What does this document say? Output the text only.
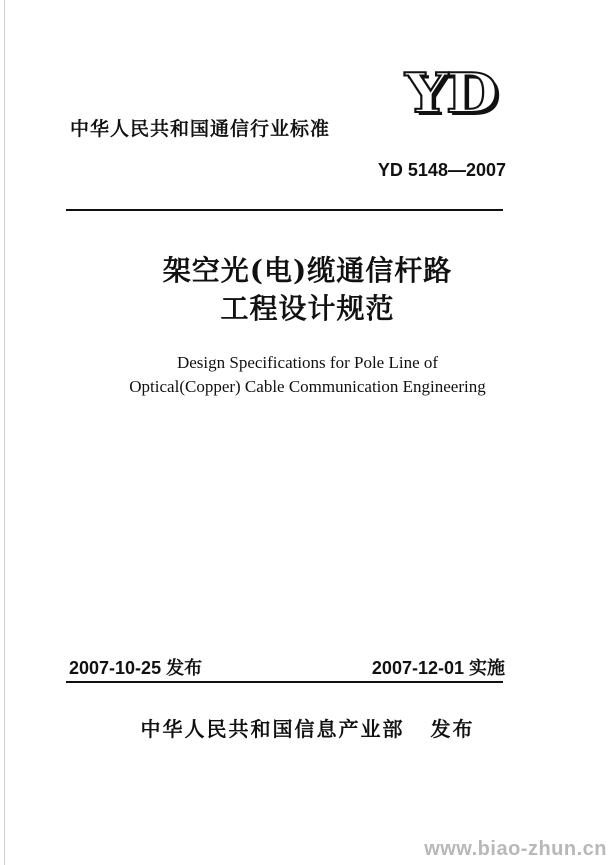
YD
中华人民共和国通信行业标准
YD 5148—2007
架空光(电)缆通信杆路
工程设计规范
Design Specifications for Pole Line of
Optical(Copper) Cable Communication Engineering
2007-10-25 发布	2007-12-01 实施
中华人民共和国信息产业部 发布
www.biao-zhun.cn
